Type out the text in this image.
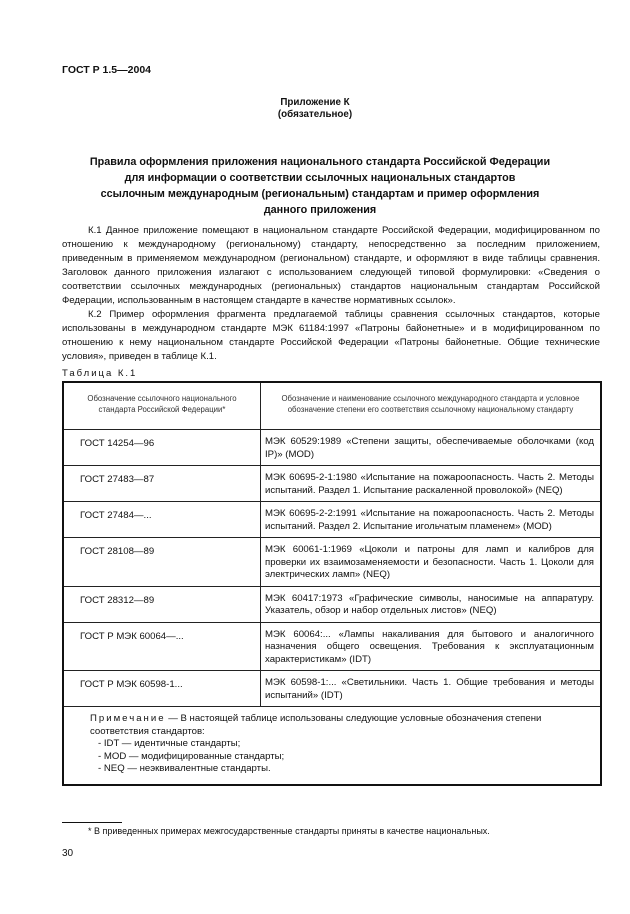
ГОСТ Р 1.5—2004
Приложение К
(обязательное)
Правила оформления приложения национального стандарта Российской Федерации
для информации о соответствии ссылочных национальных стандартов
ссылочным международным (региональным) стандартам и пример оформления
данного приложения

К.1 Данное приложение помещают в национальном стандарте Российской Федерации, модифицированном по отношению к международному (региональному) стандарту, непосредственно за последним приложением, приведенным в применяемом международном (региональном) стандарте, и оформляют в виде таблицы сравнения. Заголовок данного приложения излагают с использованием следующей типовой формулировки: «Сведения о соответствии ссылочных международных (региональных) стандартов национальным стандартам Российской Федерации, использованным в настоящем стандарте в качестве нормативных ссылок».

К.2 Пример оформления фрагмента предлагаемой таблицы сравнения ссылочных стандартов, которые использованы в международном стандарте МЭК 61184:1997 «Патроны байонетные» и в модифицированном по отношению к нему национальном стандарте Российской Федерации «Патроны байонетные. Общие технические условия», приведен в таблице К.1.

Таблица К.1
Обозначение ссылочного национального стандарта Российской Федерации*	Обозначение и наименование ссылочного международного стандарта и условное обозначение степени его соответствия ссылочному национальному стандарту
ГОСТ 14254—96	МЭК 60529:1989 «Степени защиты, обеспечиваемые оболочками (код IP)» (MOD)
ГОСТ 27483—87	МЭК 60695-2-1:1980 «Испытание на пожароопасность. Часть 2. Методы испытаний. Раздел 1. Испытание раскаленной проволокой» (NEQ)
ГОСТ 27484—...	МЭК 60695-2-2:1991 «Испытание на пожароопасность. Часть 2. Методы испытаний. Раздел 2. Испытание игольчатым пламенем» (MOD)
ГОСТ 28108—89	МЭК 60061-1:1969 «Цоколи и патроны для ламп и калибров для проверки их взаимозаменяемости и безопасности. Часть 1. Цоколи для электрических ламп» (NEQ)
ГОСТ 28312—89	МЭК 60417:1973 «Графические символы, наносимые на аппаратуру. Указатель, обзор и набор отдельных листов» (NEQ)
ГОСТ Р МЭК 60064—...	МЭК 60064:... «Лампы накаливания для бытового и аналогичного назначения общего освещения. Требования к эксплуатационным характеристикам» (IDT)
ГОСТ Р МЭК 60598-1...	МЭК 60598-1:... «Светильники. Часть 1. Общие требования и методы испытаний» (IDT)
Примечание — В настоящей таблице использованы следующие условные обозначения степени соответствия стандартов:
- IDT — идентичные стандарты;
- MOD — модифицированные стандарты;
- NEQ — неэквивалентные стандарты.	
* В приведенных примерах межгосударственные стандарты приняты в качестве национальных.
30
